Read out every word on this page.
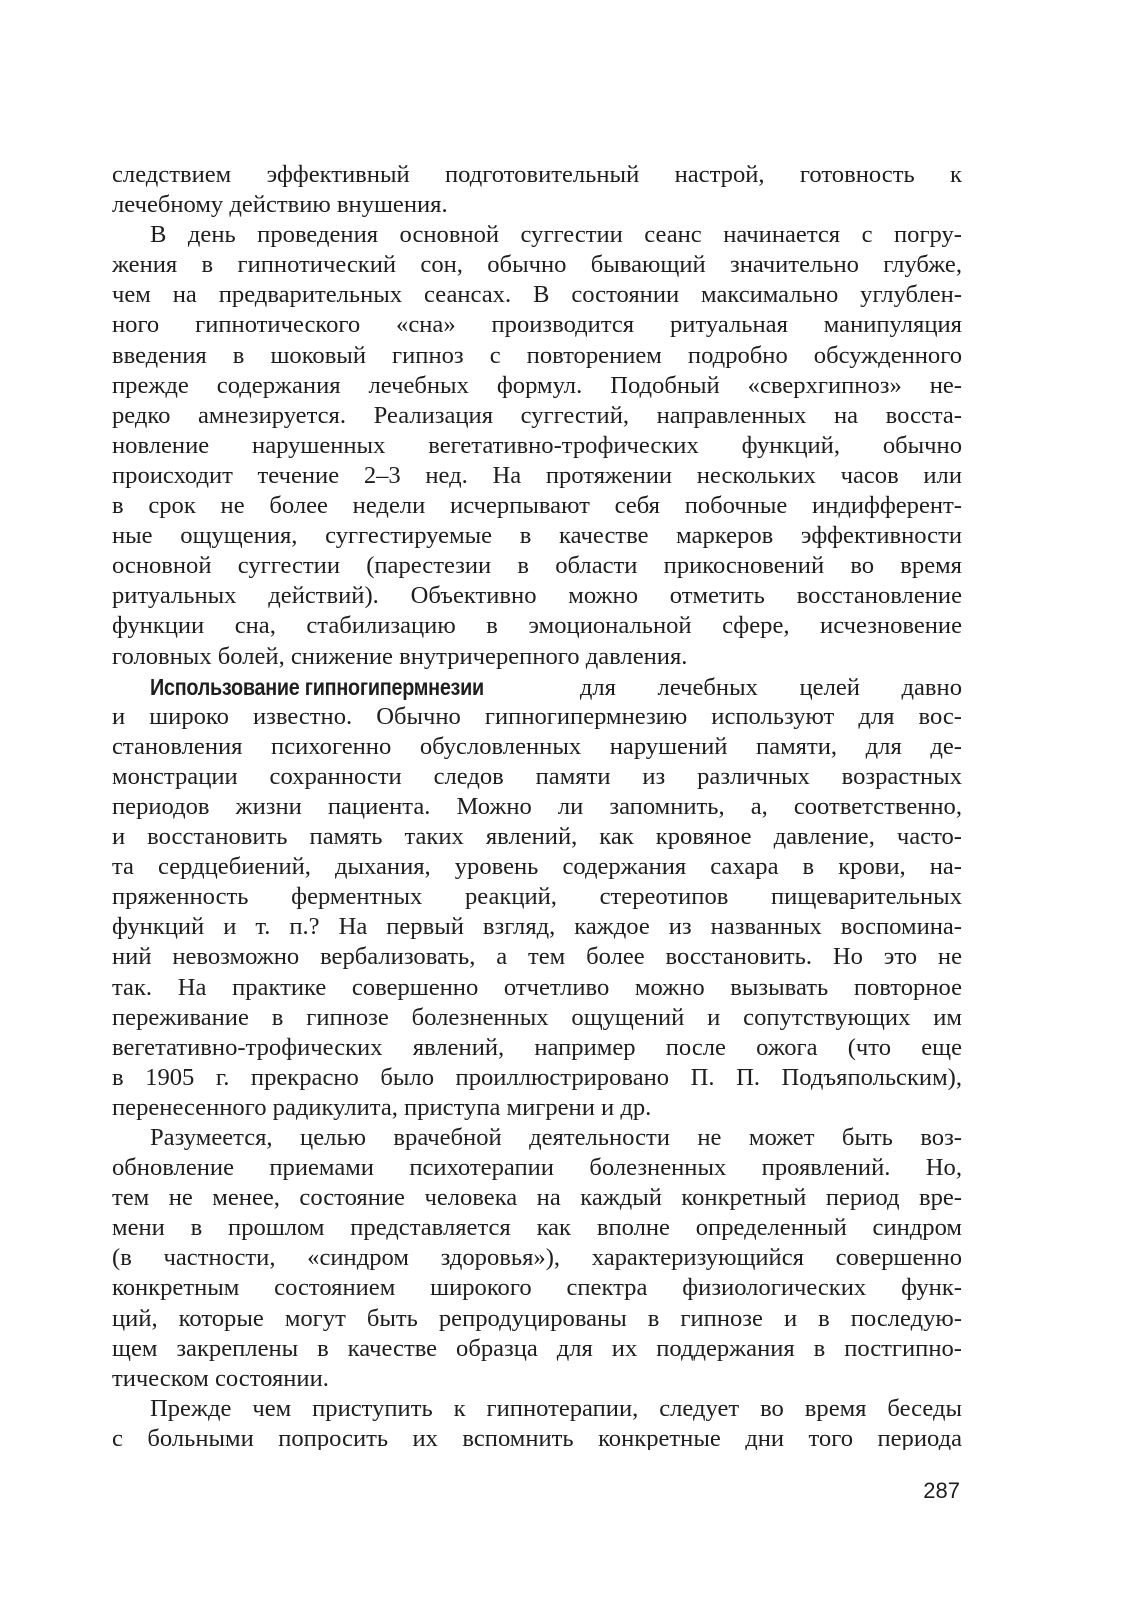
следствием эффективный подготовительный настрой, готовность к
лечебному действию внушения.
В день проведения основной суггестии сеанс начинается с погру-
жения в гипнотический сон, обычно бывающий значительно глубже,
чем на предварительных сеансах. В состоянии максимально углублен-
ного гипнотического «сна» производится ритуальная манипуляция
введения в шоковый гипноз с повторением подробно обсужденного
прежде содержания лечебных формул. Подобный «сверхгипноз» не-
редко амнезируется. Реализация суггестий, направленных на восста-
новление нарушенных вегетативно-трофических функций, обычно
происходит течение 2–3 нед. На протяжении нескольких часов или
в срок не более недели исчерпывают себя побочные индифферент-
ные ощущения, суггестируемые в качестве маркеров эффективности
основной суггестии (парестезии в области прикосновений во время
ритуальных действий). Объективно можно отметить восстановление
функции сна, стабилизацию в эмоциональной сфере, исчезновение
головных болей, снижение внутричерепного давления.
Использование гипногипермнезии для лечебных целей давно
и широко известно. Обычно гипногипермнезию используют для вос-
становления психогенно обусловленных нарушений памяти, для де-
монстрации сохранности следов памяти из различных возрастных
периодов жизни пациента. Можно ли запомнить, а, соответственно,
и восстановить память таких явлений, как кровяное давление, часто-
та сердцебиений, дыхания, уровень содержания сахара в крови, на-
пряженность ферментных реакций, стереотипов пищеварительных
функций и т. п.? На первый взгляд, каждое из названных воспомина-
ний невозможно вербализовать, а тем более восстановить. Но это не
так. На практике совершенно отчетливо можно вызывать повторное
переживание в гипнозе болезненных ощущений и сопутствующих им
вегетативно-трофических явлений, например после ожога (что еще
в 1905 г. прекрасно было проиллюстрировано П. П. Подъяпольским),
перенесенного радикулита, приступа мигрени и др.
Разумеется, целью врачебной деятельности не может быть воз-
обновление приемами психотерапии болезненных проявлений. Но,
тем не менее, состояние человека на каждый конкретный период вре-
мени в прошлом представляется как вполне определенный синдром
(в частности, «синдром здоровья»), характеризующийся совершенно
конкретным состоянием широкого спектра физиологических функ-
ций, которые могут быть репродуцированы в гипнозе и в последую-
щем закреплены в качестве образца для их поддержания в постгипно-
тическом состоянии.
Прежде чем приступить к гипнотерапии, следует во время беседы
с больными попросить их вспомнить конкретные дни того периода
287
